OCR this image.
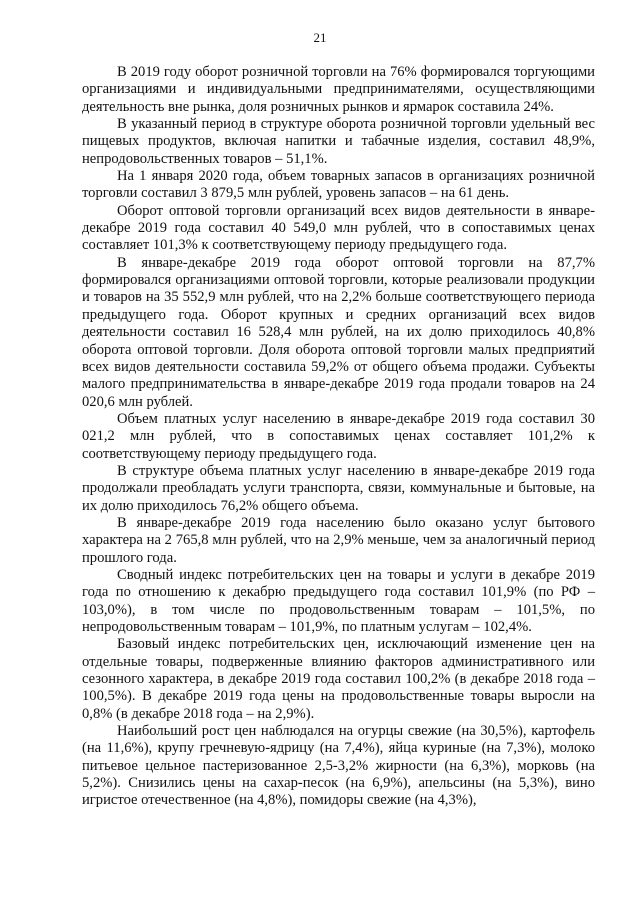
21

В 2019 году оборот розничной торговли на 76% формировался торгующими организациями и индивидуальными предпринимателями, осуществляющими деятельность вне рынка, доля розничных рынков и ярмарок составила 24%.

В указанный период в структуре оборота розничной торговли удельный вес пищевых продуктов, включая напитки и табачные изделия, составил 48,9%, непродовольственных товаров – 51,1%.

На 1 января 2020 года, объем товарных запасов в организациях розничной торговли составил 3 879,5 млн рублей, уровень запасов – на 61 день.

Оборот оптовой торговли организаций всех видов деятельности в январе-декабре 2019 года составил 40 549,0 млн рублей, что в сопоставимых ценах составляет 101,3% к соответствующему периоду предыдущего года.

В январе-декабре 2019 года оборот оптовой торговли на 87,7% формировался организациями оптовой торговли, которые реализовали продукции и товаров на 35 552,9 млн рублей, что на 2,2% больше соответствующего периода предыдущего года. Оборот крупных и средних организаций всех видов деятельности составил 16 528,4 млн рублей, на их долю приходилось 40,8% оборота оптовой торговли. Доля оборота оптовой торговли малых предприятий всех видов деятельности составила 59,2% от общего объема продажи. Субъекты малого предпринимательства в январе-декабре 2019 года продали товаров на 24 020,6 млн рублей.

Объем платных услуг населению в январе-декабре 2019 года составил 30 021,2 млн рублей, что в сопоставимых ценах составляет 101,2% к соответствующему периоду предыдущего года.

В структуре объема платных услуг населению в январе-декабре 2019 года продолжали преобладать услуги транспорта, связи, коммунальные и бытовые, на их долю приходилось 76,2% общего объема.

В январе-декабре 2019 года населению было оказано услуг бытового характера на 2 765,8 млн рублей, что на 2,9% меньше, чем за аналогичный период прошлого года.

Сводный индекс потребительских цен на товары и услуги в декабре 2019 года по отношению к декабрю предыдущего года составил 101,9% (по РФ – 103,0%), в том числе по продовольственным товарам – 101,5%, по непродовольственным товарам – 101,9%, по платным услугам – 102,4%.

Базовый индекс потребительских цен, исключающий изменение цен на отдельные товары, подверженные влиянию факторов административного или сезонного характера, в декабре 2019 года составил 100,2% (в декабре 2018 года – 100,5%). В декабре 2019 года цены на продовольственные товары выросли на 0,8% (в декабре 2018 года – на 2,9%).

Наибольший рост цен наблюдался на огурцы свежие (на 30,5%), картофель (на 11,6%), крупу гречневую-ядрицу (на 7,4%), яйца куриные (на 7,3%), молоко питьевое цельное пастеризованное 2,5-3,2% жирности (на 6,3%), морковь (на 5,2%). Снизились цены на сахар-песок (на 6,9%), апельсины (на 5,3%), вино игристое отечественное (на 4,8%), помидоры свежие (на 4,3%),
